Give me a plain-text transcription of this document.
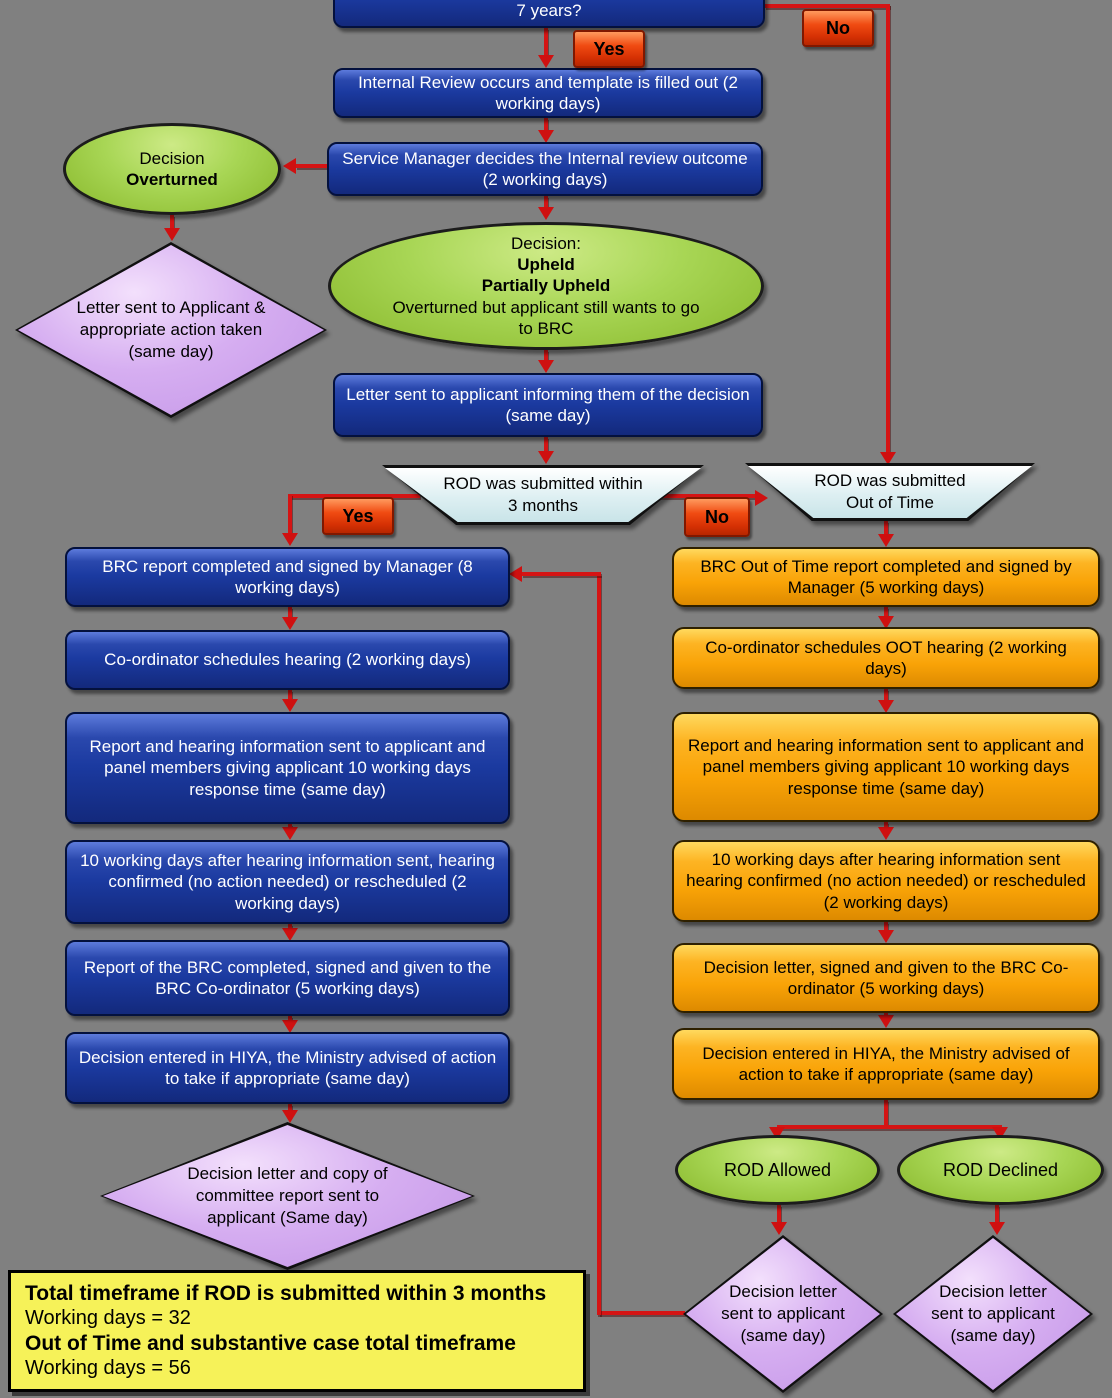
7 years?
Yes
No
Internal Review occurs and template is filled out (2 working days)
Service Manager decides the Internal review outcome (2 working days)
Decision
Overturned
Letter sent to Applicant & appropriate action taken (same day)
Decision:
Upheld
Partially Upheld
Overturned but applicant still wants to go to BRC
Letter sent to applicant informing them of the decision (same day)
ROD was submitted within 3 months
Yes	No
ROD was submitted Out of Time
BRC report completed and signed by Manager (8 working days)
Co-ordinator schedules hearing (2 working days)
Report and hearing information sent to applicant and panel members giving applicant 10 working days response time (same day)
10 working days after hearing information sent, hearing confirmed (no action needed) or rescheduled (2 working days)
Report of the BRC completed, signed and given to the BRC Co-ordinator (5 working days)
Decision entered in HIYA, the Ministry advised of action to take if appropriate (same day)
BRC Out of Time report completed and signed by Manager (5 working days)
Co-ordinator schedules OOT hearing (2 working days)
Report and hearing information sent to applicant and panel members giving applicant 10 working days response time (same day)
10 working days after hearing information sent hearing confirmed (no action needed) or rescheduled (2 working days)
Decision letter, signed and given to the BRC Co-ordinator (5 working days)
Decision entered in HIYA, the Ministry advised of action to take if appropriate (same day)
Decision letter and copy of committee report sent to applicant (Same day)
Total timeframe if ROD is submitted within 3 months
Working days = 32
Out of Time and substantive case total timeframe
Working days = 56
ROD Allowed	ROD Declined
Decision letter sent to applicant (same day)
Decision letter sent to applicant (same day)
